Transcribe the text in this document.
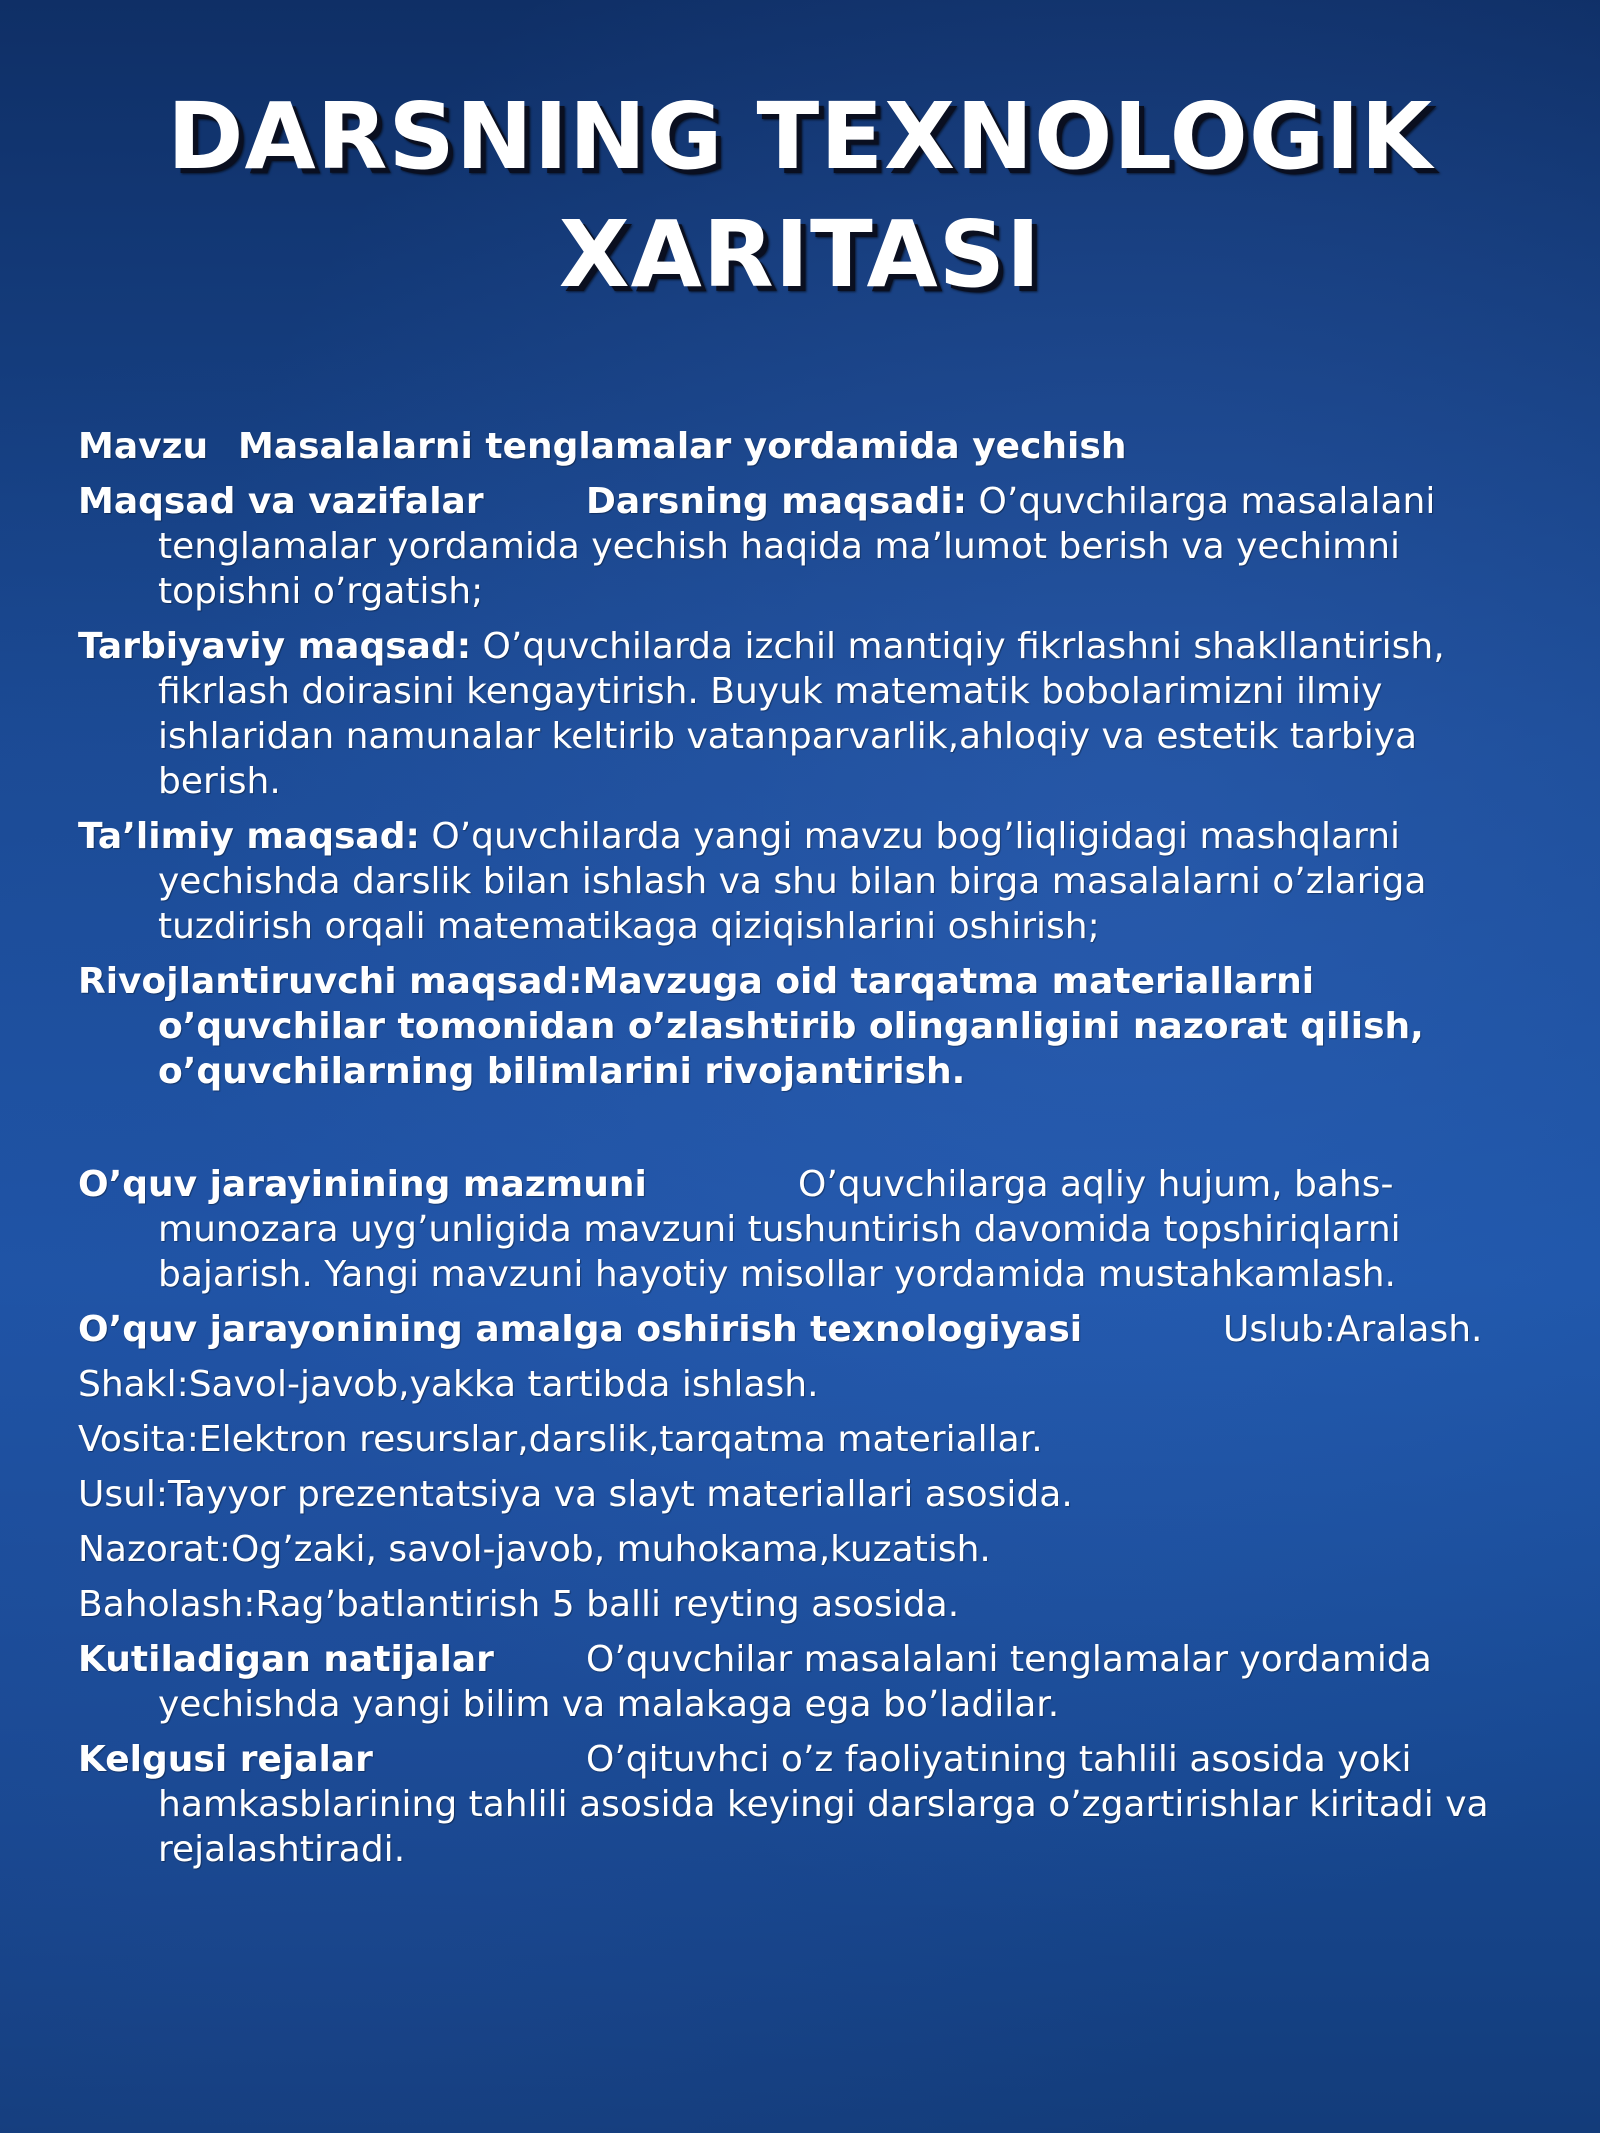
DARSNING TEXNOLOGIK
XARITASI

Mavzu Masalalarni tenglamalar yordamida yechish

Maqsad va vazifalar	Darsning maqsadi: O’quvchilarga masalalani tenglamalar yordamida yechish haqida ma’lumot berish va yechimni topishni o’rgatish;

Tarbiyaviy maqsad: O’quvchilarda izchil mantiqiy fikrlashni shakllantirish, fikrlash doirasini kengaytirish. Buyuk matematik bobolarimizni ilmiy ishlaridan namunalar keltirib vatanparvarlik,ahloqiy va estetik tarbiya berish.

Ta’limiy maqsad: O’quvchilarda yangi mavzu bog’liqligidagi mashqlarni yechishda darslik bilan ishlash va shu bilan birga masalalarni o’zlariga tuzdirish orqali matematikaga qiziqishlarini oshirish;

Rivojlantiruvchi maqsad:Mavzuga oid tarqatma materiallarni o’quvchilar tomonidan o’zlashtirib olinganligini nazorat qilish, o’quvchilarning bilimlarini rivojantirish.

O’quv jarayinining mazmuni	O’quvchilarga aqliy hujum, bahs-munozara uyg’unligida mavzuni tushuntirish davomida topshiriqlarni bajarish. Yangi mavzuni hayotiy misollar yordamida mustahkamlash.

O’quv jarayonining amalga oshirish texnologiyasi	Uslub:Aralash.

Shakl:Savol-javob,yakka tartibda ishlash.

Vosita:Elektron resurslar,darslik,tarqatma materiallar.

Usul:Tayyor prezentatsiya va slayt materiallari asosida.

Nazorat:Og’zaki, savol-javob, muhokama,kuzatish.

Baholash:Rag’batlantirish 5 balli reyting asosida.

Kutiladigan natijalar	O’quvchilar masalalani tenglamalar yordamida yechishda yangi bilim va malakaga ega bo’ladilar.

Kelgusi rejalar	O’qituvhci o’z faoliyatining tahlili asosida yoki hamkasblarining tahlili asosida keyingi darslarga o’zgartirishlar kiritadi va rejalashtiradi.
